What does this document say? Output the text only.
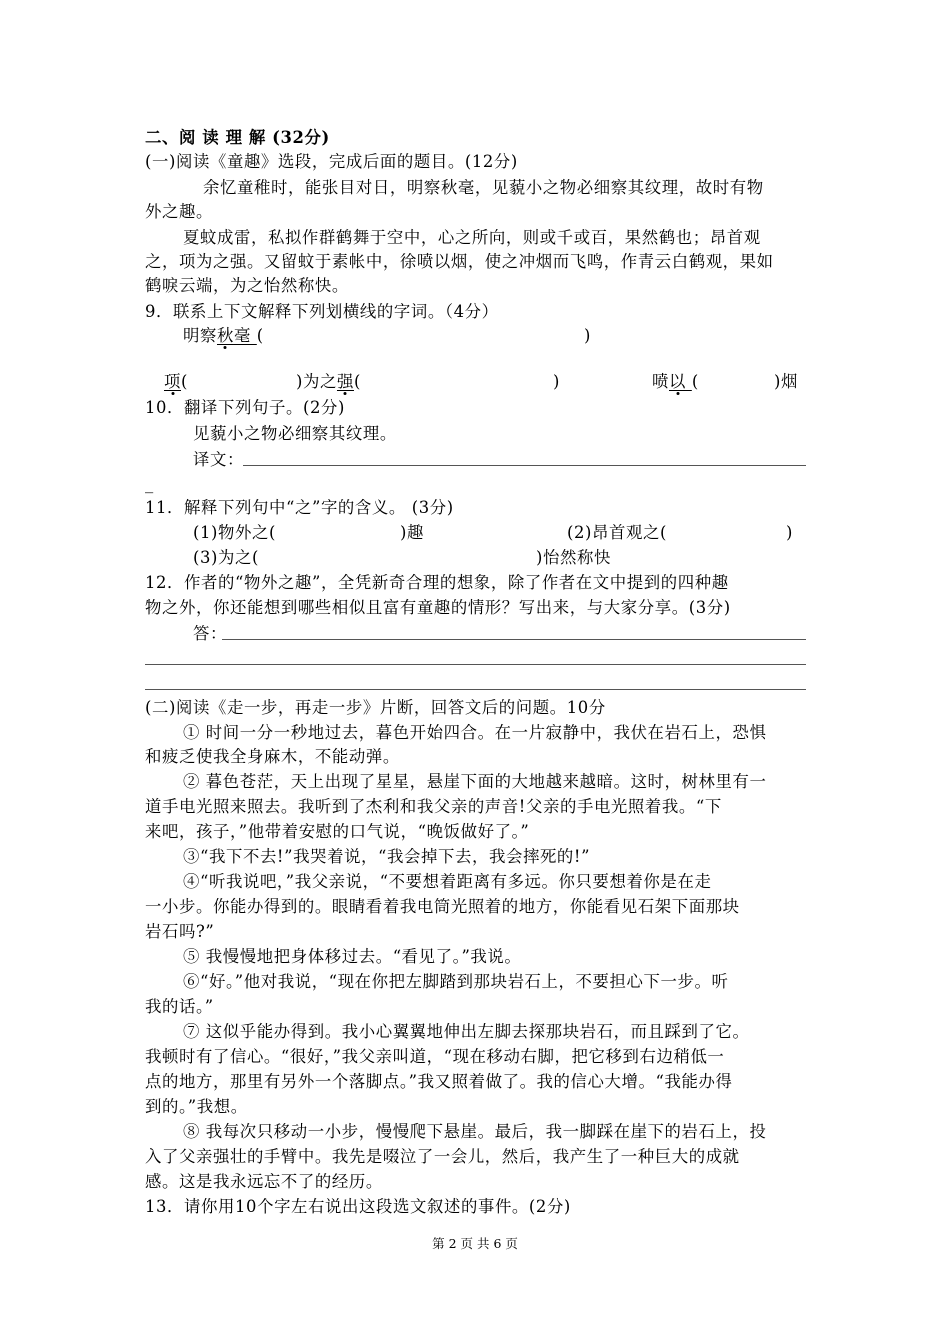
二、阅 读 理 解 (32分)
(一)阅读《童趣》选段，完成后面的题目。(12分)
余忆童稚时，能张目对日，明察秋毫，见藐小之物必细察其纹理，故时有物
外之趣。
夏蚊成雷，私拟作群鹤舞于空中，心之所向，则或千或百，果然鹤也；昂首观
之，项为之强。又留蚊于素帐中，徐喷以烟，使之冲烟而飞鸣，作青云白鹤观，果如
鹤唳云端，为之怡然称快。
9．联系上下文解释下列划横线的字词。（4分）
明察秋毫 (	)
项(	)为之强(	)	喷以 (	)烟
10．翻译下列句子。(2分)
见藐小之物必细察其纹理。
译文：
_
11．解释下列句中“之”字的含义。 (3分)
(1)物外之(	)趣	(2)昂首观之(	)
(3)为之(	)怡然称快
12．作者的“物外之趣”，全凭新奇合理的想象，除了作者在文中提到的四种趣
物之外，你还能想到哪些相似且富有童趣的情形？写出来，与大家分享。(3分)
答：
(二)阅读《走一步，再走一步》片断，回答文后的问题。10分
① 时间一分一秒地过去，暮色开始四合。在一片寂静中，我伏在岩石上，恐惧
和疲乏使我全身麻木，不能动弹。
② 暮色苍茫，天上出现了星星，悬崖下面的大地越来越暗。这时，树林里有一
道手电光照来照去。我听到了杰利和我父亲的声音!父亲的手电光照着我。“下
来吧，孩子，”他带着安慰的口气说，“晚饭做好了。”
③“我下不去!”我哭着说，“我会掉下去，我会摔死的!”
④“听我说吧，”我父亲说，“不要想着距离有多远。你只要想着你是在走
一小步。你能办得到的。眼睛看着我电筒光照着的地方，你能看见石架下面那块
岩石吗?”
⑤ 我慢慢地把身体移过去。“看见了。”我说。
⑥“好。”他对我说，“现在你把左脚踏到那块岩石上，不要担心下一步。听
我的话。”
⑦ 这似乎能办得到。我小心翼翼地伸出左脚去探那块岩石，而且踩到了它。
我顿时有了信心。“很好，”我父亲叫道，“现在移动右脚，把它移到右边稍低一
点的地方，那里有另外一个落脚点。”我又照着做了。我的信心大增。“我能办得
到的。”我想。
⑧ 我每次只移动一小步，慢慢爬下悬崖。最后，我一脚踩在崖下的岩石上，投
入了父亲强壮的手臂中。我先是啜泣了一会儿，然后，我产生了一种巨大的成就
感。这是我永远忘不了的经历。
13．请你用10个字左右说出这段选文叙述的事件。(2分)
第 2 页 共 6 页
